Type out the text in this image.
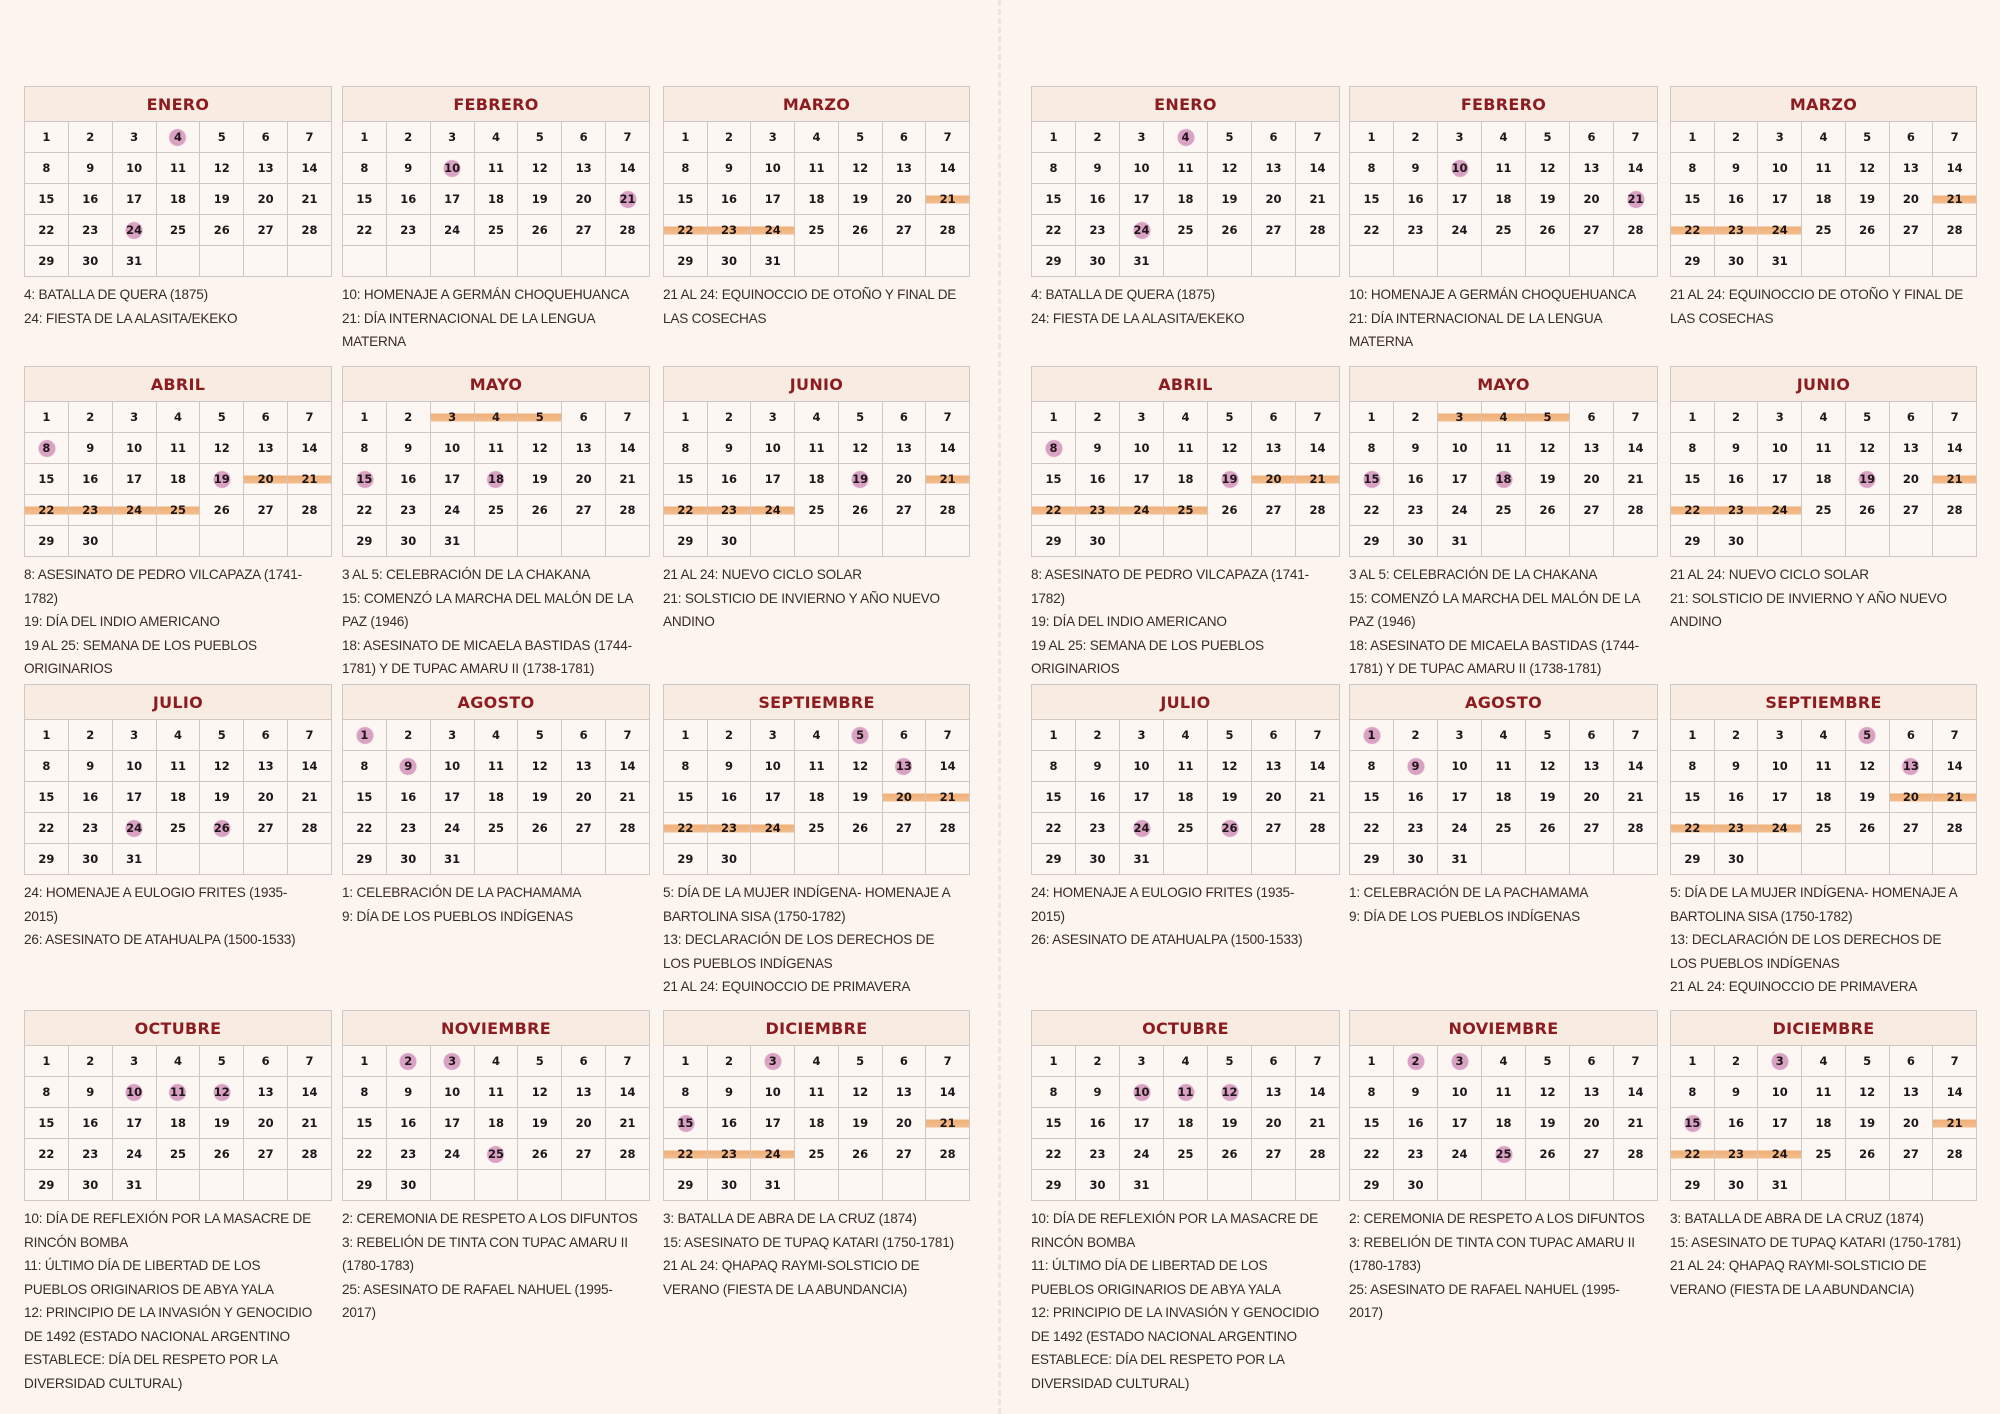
ENERO						
1	2	3	4	5	6	7
8	9	10	11	12	13	14
15	16	17	18	19	20	21
22	23	24	25	26	27	28
29	30	31				
4: BATALLA DE QUERA (1875)
24: FIESTA DE LA ALASITA/EKEKO
FEBRERO						
1	2	3	4	5	6	7
8	9	10	11	12	13	14
15	16	17	18	19	20	21
22	23	24	25	26	27	28

10: HOMENAJE A GERMÁN CHOQUEHUANCA
21: DÍA INTERNACIONAL DE LA LENGUA MATERNA
MARZO						
1	2	3	4	5	6	7
8	9	10	11	12	13	14
15	16	17	18	19	20	21
22	23	24	25	26	27	28
29	30	31				
21 AL 24: EQUINOCCIO DE OTOÑO Y FINAL DE LAS COSECHAS
ABRIL						
1	2	3	4	5	6	7
8	9	10	11	12	13	14
15	16	17	18	19	20	21
22	23	24	25	26	27	28
29	30					
8: ASESINATO DE PEDRO VILCAPAZA (1741-1782)
19: DÍA DEL INDIO AMERICANO
19 AL 25: SEMANA DE LOS PUEBLOS ORIGINARIOS
MAYO						
1	2	3	4	5	6	7
8	9	10	11	12	13	14
15	16	17	18	19	20	21
22	23	24	25	26	27	28
29	30	31				
3 AL 5: CELEBRACIÓN DE LA CHAKANA
15: COMENZÓ LA MARCHA DEL MALÓN DE LA PAZ (1946)
18: ASESINATO DE MICAELA BASTIDAS (1744-1781) Y DE TUPAC AMARU II (1738-1781)
JUNIO						
1	2	3	4	5	6	7
8	9	10	11	12	13	14
15	16	17	18	19	20	21
22	23	24	25	26	27	28
29	30					
21 AL 24: NUEVO CICLO SOLAR
21: SOLSTICIO DE INVIERNO Y AÑO NUEVO ANDINO
JULIO						
1	2	3	4	5	6	7
8	9	10	11	12	13	14
15	16	17	18	19	20	21
22	23	24	25	26	27	28
29	30	31				
24: HOMENAJE A EULOGIO FRITES (1935-2015)
26: ASESINATO DE ATAHUALPA (1500-1533)
AGOSTO						
1	2	3	4	5	6	7
8	9	10	11	12	13	14
15	16	17	18	19	20	21
22	23	24	25	26	27	28
29	30	31				
1: CELEBRACIÓN DE LA PACHAMAMA
9: DÍA DE LOS PUEBLOS INDÍGENAS
SEPTIEMBRE						
1	2	3	4	5	6	7
8	9	10	11	12	13	14
15	16	17	18	19	20	21
22	23	24	25	26	27	28
29	30					
5: DÍA DE LA MUJER INDÍGENA- HOMENAJE A BARTOLINA SISA (1750-1782)
13: DECLARACIÓN DE LOS DERECHOS DE LOS PUEBLOS INDÍGENAS
21 AL 24: EQUINOCCIO DE PRIMAVERA
OCTUBRE						
1	2	3	4	5	6	7
8	9	10	11	12	13	14
15	16	17	18	19	20	21
22	23	24	25	26	27	28
29	30	31				
10: DÍA DE REFLEXIÓN POR LA MASACRE DE RINCÓN BOMBA
11: ÚLTIMO DÍA DE LIBERTAD DE LOS PUEBLOS ORIGINARIOS DE ABYA YALA
12: PRINCIPIO DE LA INVASIÓN Y GENOCIDIO DE 1492 (ESTADO NACIONAL ARGENTINO ESTABLECE: DÍA DEL RESPETO POR LA DIVERSIDAD CULTURAL)
NOVIEMBRE						
1	2	3	4	5	6	7
8	9	10	11	12	13	14
15	16	17	18	19	20	21
22	23	24	25	26	27	28
29	30					
2: CEREMONIA DE RESPETO A LOS DIFUNTOS
3: REBELIÓN DE TINTA CON TUPAC AMARU II (1780-1783)
25: ASESINATO DE RAFAEL NAHUEL (1995-2017)
DICIEMBRE						
1	2	3	4	5	6	7
8	9	10	11	12	13	14
15	16	17	18	19	20	21
22	23	24	25	26	27	28
29	30	31				
3: BATALLA DE ABRA DE LA CRUZ (1874)
15: ASESINATO DE TUPAQ KATARI (1750-1781)
21 AL 24: QHAPAQ RAYMI-SOLSTICIO DE VERANO (FIESTA DE LA ABUNDANCIA)
ENERO						
1	2	3	4	5	6	7
8	9	10	11	12	13	14
15	16	17	18	19	20	21
22	23	24	25	26	27	28
29	30	31				
4: BATALLA DE QUERA (1875)
24: FIESTA DE LA ALASITA/EKEKO
FEBRERO						
1	2	3	4	5	6	7
8	9	10	11	12	13	14
15	16	17	18	19	20	21
22	23	24	25	26	27	28

10: HOMENAJE A GERMÁN CHOQUEHUANCA
21: DÍA INTERNACIONAL DE LA LENGUA MATERNA
MARZO						
1	2	3	4	5	6	7
8	9	10	11	12	13	14
15	16	17	18	19	20	21
22	23	24	25	26	27	28
29	30	31				
21 AL 24: EQUINOCCIO DE OTOÑO Y FINAL DE LAS COSECHAS
ABRIL						
1	2	3	4	5	6	7
8	9	10	11	12	13	14
15	16	17	18	19	20	21
22	23	24	25	26	27	28
29	30					
8: ASESINATO DE PEDRO VILCAPAZA (1741-1782)
19: DÍA DEL INDIO AMERICANO
19 AL 25: SEMANA DE LOS PUEBLOS ORIGINARIOS
MAYO						
1	2	3	4	5	6	7
8	9	10	11	12	13	14
15	16	17	18	19	20	21
22	23	24	25	26	27	28
29	30	31				
3 AL 5: CELEBRACIÓN DE LA CHAKANA
15: COMENZÓ LA MARCHA DEL MALÓN DE LA PAZ (1946)
18: ASESINATO DE MICAELA BASTIDAS (1744-1781) Y DE TUPAC AMARU II (1738-1781)
JUNIO						
1	2	3	4	5	6	7
8	9	10	11	12	13	14
15	16	17	18	19	20	21
22	23	24	25	26	27	28
29	30					
21 AL 24: NUEVO CICLO SOLAR
21: SOLSTICIO DE INVIERNO Y AÑO NUEVO ANDINO
JULIO						
1	2	3	4	5	6	7
8	9	10	11	12	13	14
15	16	17	18	19	20	21
22	23	24	25	26	27	28
29	30	31				
24: HOMENAJE A EULOGIO FRITES (1935-2015)
26: ASESINATO DE ATAHUALPA (1500-1533)
AGOSTO						
1	2	3	4	5	6	7
8	9	10	11	12	13	14
15	16	17	18	19	20	21
22	23	24	25	26	27	28
29	30	31				
1: CELEBRACIÓN DE LA PACHAMAMA
9: DÍA DE LOS PUEBLOS INDÍGENAS
SEPTIEMBRE						
1	2	3	4	5	6	7
8	9	10	11	12	13	14
15	16	17	18	19	20	21
22	23	24	25	26	27	28
29	30					
5: DÍA DE LA MUJER INDÍGENA- HOMENAJE A BARTOLINA SISA (1750-1782)
13: DECLARACIÓN DE LOS DERECHOS DE LOS PUEBLOS INDÍGENAS
21 AL 24: EQUINOCCIO DE PRIMAVERA
OCTUBRE						
1	2	3	4	5	6	7
8	9	10	11	12	13	14
15	16	17	18	19	20	21
22	23	24	25	26	27	28
29	30	31				
10: DÍA DE REFLEXIÓN POR LA MASACRE DE RINCÓN BOMBA
11: ÚLTIMO DÍA DE LIBERTAD DE LOS PUEBLOS ORIGINARIOS DE ABYA YALA
12: PRINCIPIO DE LA INVASIÓN Y GENOCIDIO DE 1492 (ESTADO NACIONAL ARGENTINO ESTABLECE: DÍA DEL RESPETO POR LA DIVERSIDAD CULTURAL)
NOVIEMBRE						
1	2	3	4	5	6	7
8	9	10	11	12	13	14
15	16	17	18	19	20	21
22	23	24	25	26	27	28
29	30					
2: CEREMONIA DE RESPETO A LOS DIFUNTOS
3: REBELIÓN DE TINTA CON TUPAC AMARU II (1780-1783)
25: ASESINATO DE RAFAEL NAHUEL (1995-2017)
DICIEMBRE						
1	2	3	4	5	6	7
8	9	10	11	12	13	14
15	16	17	18	19	20	21
22	23	24	25	26	27	28
29	30	31				
3: BATALLA DE ABRA DE LA CRUZ (1874)
15: ASESINATO DE TUPAQ KATARI (1750-1781)
21 AL 24: QHAPAQ RAYMI-SOLSTICIO DE VERANO (FIESTA DE LA ABUNDANCIA)
